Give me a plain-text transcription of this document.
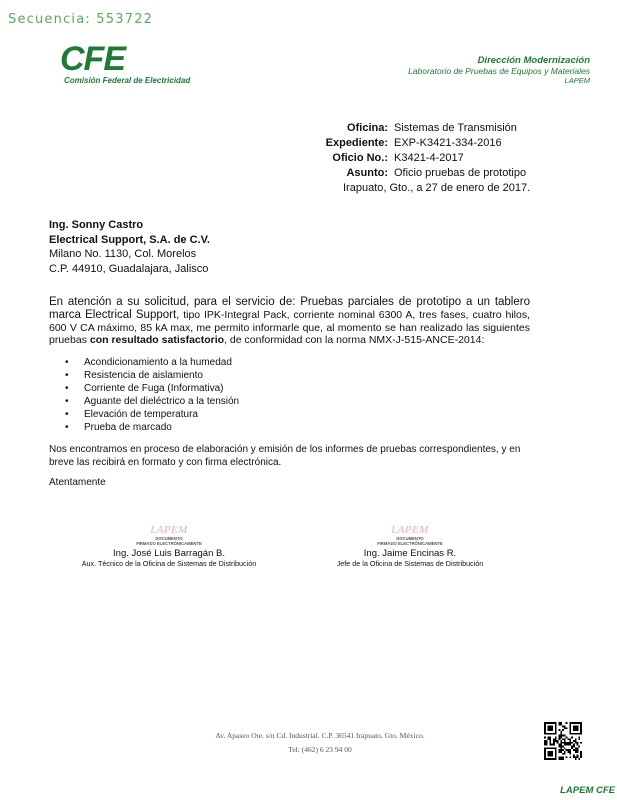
Secuencia: 553722
CFE
Comisión Federal de Electricidad
Dirección Modernización
Laboratorio de Pruebas de Equipos y Materiales
LAPEM
Oficina: Sistemas de Transmisión
Expediente: EXP-K3421-334-2016
Oficio No.: K3421-4-2017
Asunto: Oficio pruebas de prototipo
Irapuato, Gto., a 27 de enero de 2017.
Ing. Sonny Castro
Electrical Support, S.A. de C.V.
Milano No. 1130, Col. Morelos
C.P. 44910, Guadalajara, Jalisco
En atención a su solicitud, para el servicio de: Pruebas parciales de prototipo a un tablero marca Electrical Support, tipo IPK-Integral Pack, corriente nominal 6300 A, tres fases, cuatro hilos, 600 V CA máximo, 85 kA max, me permito informarle que, al momento se han realizado las siguientes pruebas con resultado satisfactorio, de conformidad con la norma NMX-J-515-ANCE-2014:
• Acondicionamiento a la humedad
• Resistencia de aislamiento
• Corriente de Fuga (Informativa)
• Aguante del dieléctrico a la tensión
• Elevación de temperatura
• Prueba de marcado
Nos encontramos en proceso de elaboración y emisión de los informes de pruebas correspondientes, y en breve las recibirá en formato y con firma electrónica.
Atentamente
LAPEM
DOCUMENTO
FIRMADO ELECTRÓNICAMENTE
Ing. José Luis Barragán B.
Aux. Técnico de la Oficina de Sistemas de Distribución
LAPEM
DOCUMENTO
FIRMADO ELECTRÓNICAMENTE
Ing. Jaime Encinas R.
Jefe de la Oficina de Sistemas de Distribución
Av. Apaseo Ote. s/n Cd. Industrial. C.P. 36541 Irapuato, Gto. México.
Tel: (462) 6 23 94 00
LAPEM CFE
